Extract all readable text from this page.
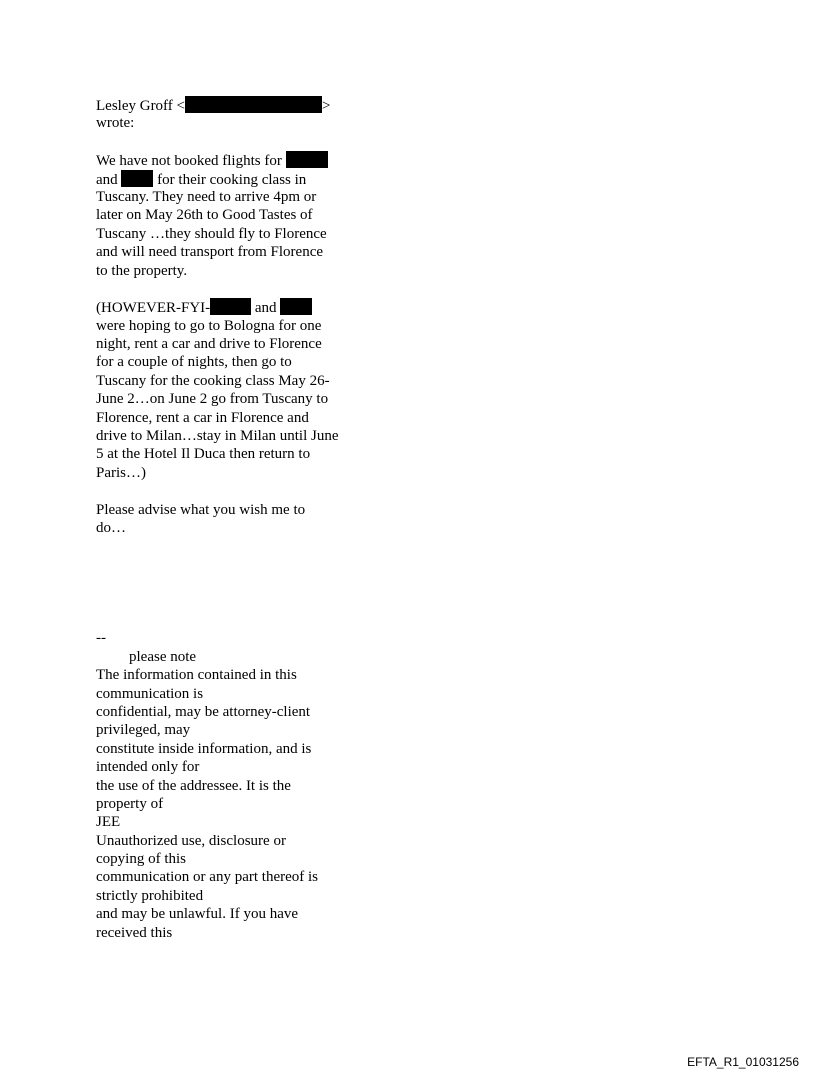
Lesley Groff <	>
wrote:
We have not booked flights for
and  for their cooking class in
Tuscany. They need to arrive 4pm or
later on May 26th to Good Tastes of
Tuscany …they should fly to Florence
and will need transport from Florence
to the property.
(HOWEVER-FYI-	and
were hoping to go to Bologna for one
night, rent a car and drive to Florence
for a couple of nights, then go to
Tuscany for the cooking class May 26-
June 2…on June 2 go from Tuscany to
Florence, rent a car in Florence and
drive to Milan…stay in Milan until June
5 at the Hotel Il Duca then return to
Paris…)
Please advise what you wish me to
do…
--
please note
The information contained in this
communication is
confidential, may be attorney-client
privileged, may
constitute inside information, and is
intended only for
the use of the addressee. It is the
property of
JEE
Unauthorized use, disclosure or
copying of this
communication or any part thereof is
strictly prohibited
and may be unlawful. If you have
received this
EFTA_R1_01031256
